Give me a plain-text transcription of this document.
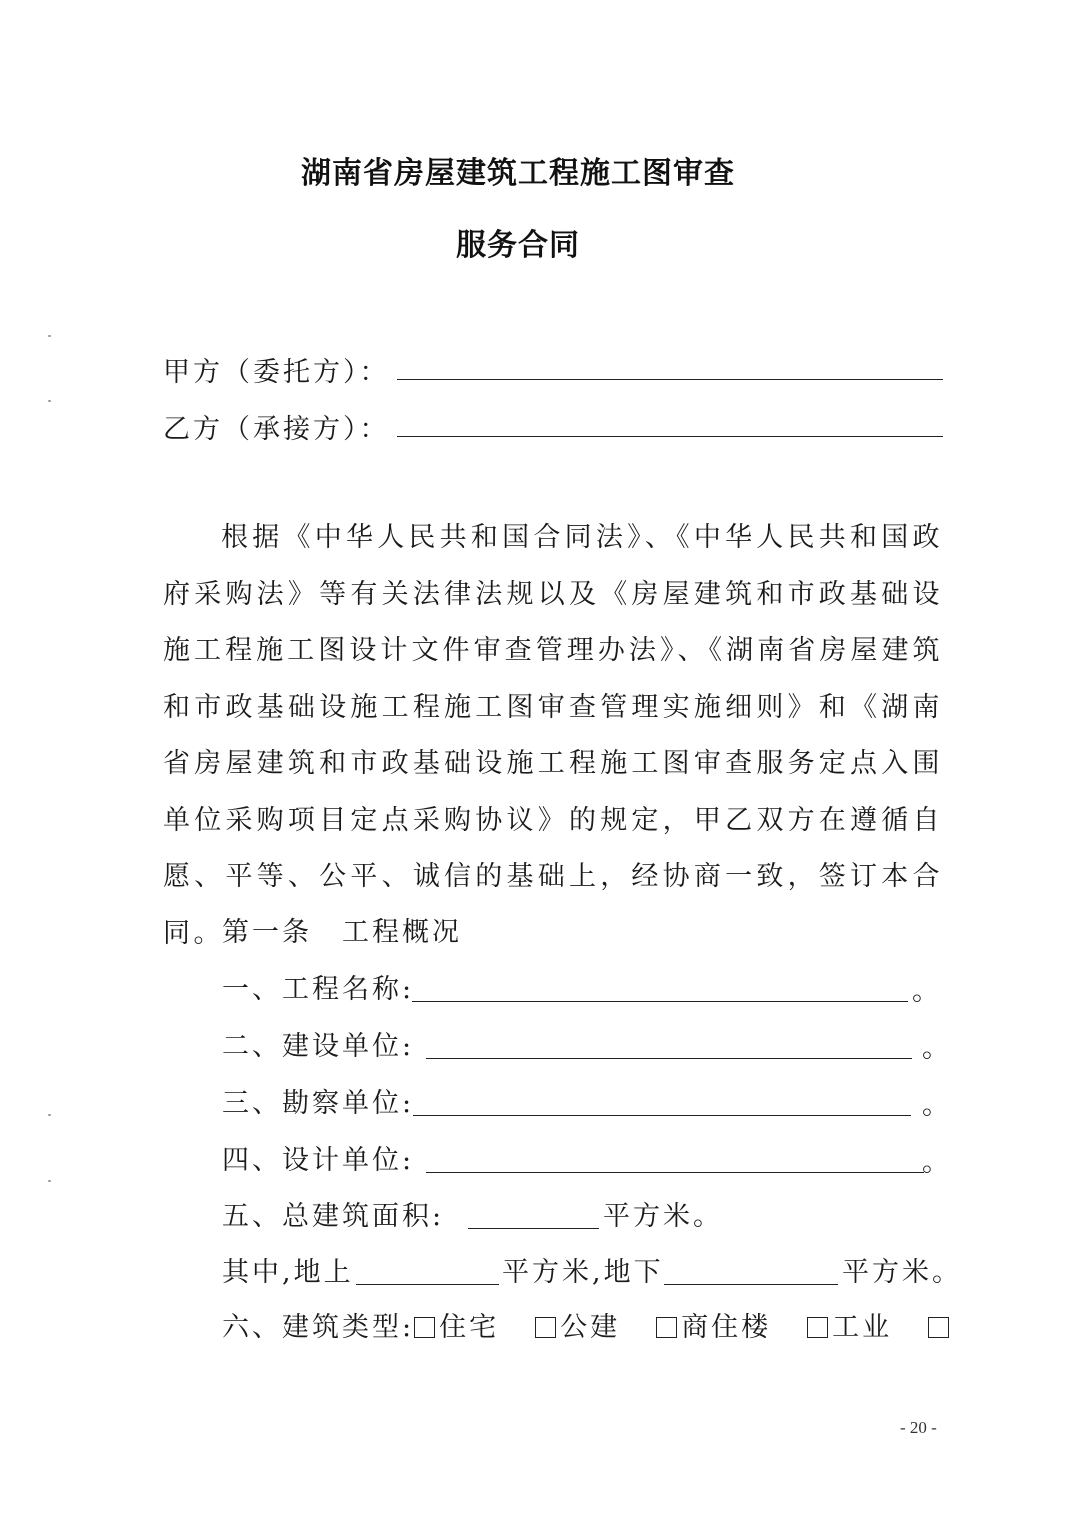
湖南省房屋建筑工程施工图审查
服务合同
甲方（委托方）：
乙方（承接方）：
根据《中华人民共和国合同法》、《中华人民共和国政府采购法》等有关法律法规以及《房屋建筑和市政基础设施工程施工图设计文件审查管理办法》、《湖南省房屋建筑和市政基础设施工程施工图审查管理实施细则》和《湖南省房屋建筑和市政基础设施工程施工图审查服务定点入围单位采购项目定点采购协议》的规定，甲乙双方在遵循自愿、平等、公平、诚信的基础上，经协商一致，签订本合同。
第一条　工程概况
一、工程名称:	。
二、建设单位:	。
三、勘察单位:	。
四、设计单位:	。
五、总建筑面积:	平方米。
其中,地上	平方米,地下	平方米。
六、建筑类型: 住宅 公建 商住楼 工业
- 20 -
